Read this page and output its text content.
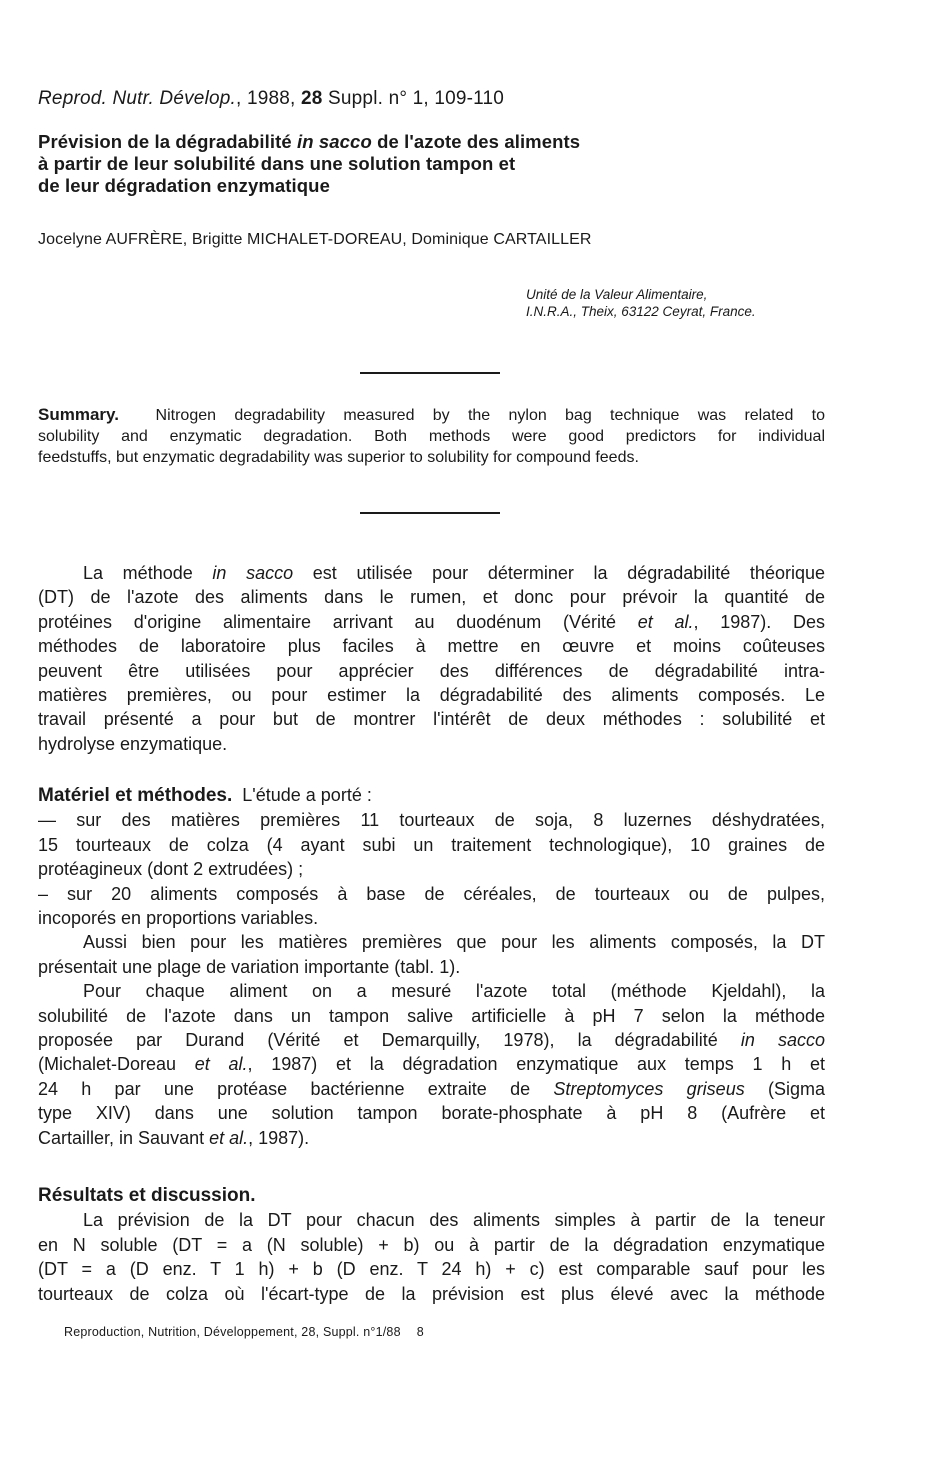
Reprod. Nutr. Dévelop., 1988, 28 Suppl. n° 1, 109-110
Prévision de la dégradabilité in sacco de l'azote des aliments
à partir de leur solubilité dans une solution tampon et
de leur dégradation enzymatique
Jocelyne AUFRÈRE, Brigitte MICHALET-DOREAU, Dominique CARTAILLER
Unité de la Valeur Alimentaire,
I.N.R.A., Theix, 63122 Ceyrat, France.
Summary. Nitrogen degradability measured by the nylon bag technique was related to
solubility and enzymatic degradation. Both methods were good predictors for individual
feedstuffs, but enzymatic degradability was superior to solubility for compound feeds.
La méthode in sacco est utilisée pour déterminer la dégradabilité théorique
(DT) de l'azote des aliments dans le rumen, et donc pour prévoir la quantité de
protéines d'origine alimentaire arrivant au duodénum (Vérité et al., 1987). Des
méthodes de laboratoire plus faciles à mettre en œuvre et moins coûteuses
peuvent être utilisées pour apprécier des différences de dégradabilité intra-
matières premières, ou pour estimer la dégradabilité des aliments composés. Le
travail présenté a pour but de montrer l'intérêt de deux méthodes : solubilité et
hydrolyse enzymatique.
Matériel et méthodes. L'étude a porté :
— sur des matières premières 11 tourteaux de soja, 8 luzernes déshydratées,
15 tourteaux de colza (4 ayant subi un traitement technologique), 10 graines de
protéagineux (dont 2 extrudées) ;
– sur 20 aliments composés à base de céréales, de tourteaux ou de pulpes,
incoporés en proportions variables.
Aussi bien pour les matières premières que pour les aliments composés, la DT
présentait une plage de variation importante (tabl. 1).
Pour chaque aliment on a mesuré l'azote total (méthode Kjeldahl), la
solubilité de l'azote dans un tampon salive artificielle à pH 7 selon la méthode
proposée par Durand (Vérité et Demarquilly, 1978), la dégradabilité in sacco
(Michalet-Doreau et al., 1987) et la dégradation enzymatique aux temps 1 h et
24 h par une protéase bactérienne extraite de Streptomyces griseus (Sigma
type XIV) dans une solution tampon borate-phosphate à pH 8 (Aufrère et
Cartailler, in Sauvant et al., 1987).
Résultats et discussion.
La prévision de la DT pour chacun des aliments simples à partir de la teneur
en N soluble (DT = a (N soluble) + b) ou à partir de la dégradation enzymatique
(DT = a (D enz. T 1 h) + b (D enz. T 24 h) + c) est comparable sauf pour les
tourteaux de colza où l'écart-type de la prévision est plus élevé avec la méthode
Reproduction, Nutrition, Développement, 28, Suppl. n°1/88 8
